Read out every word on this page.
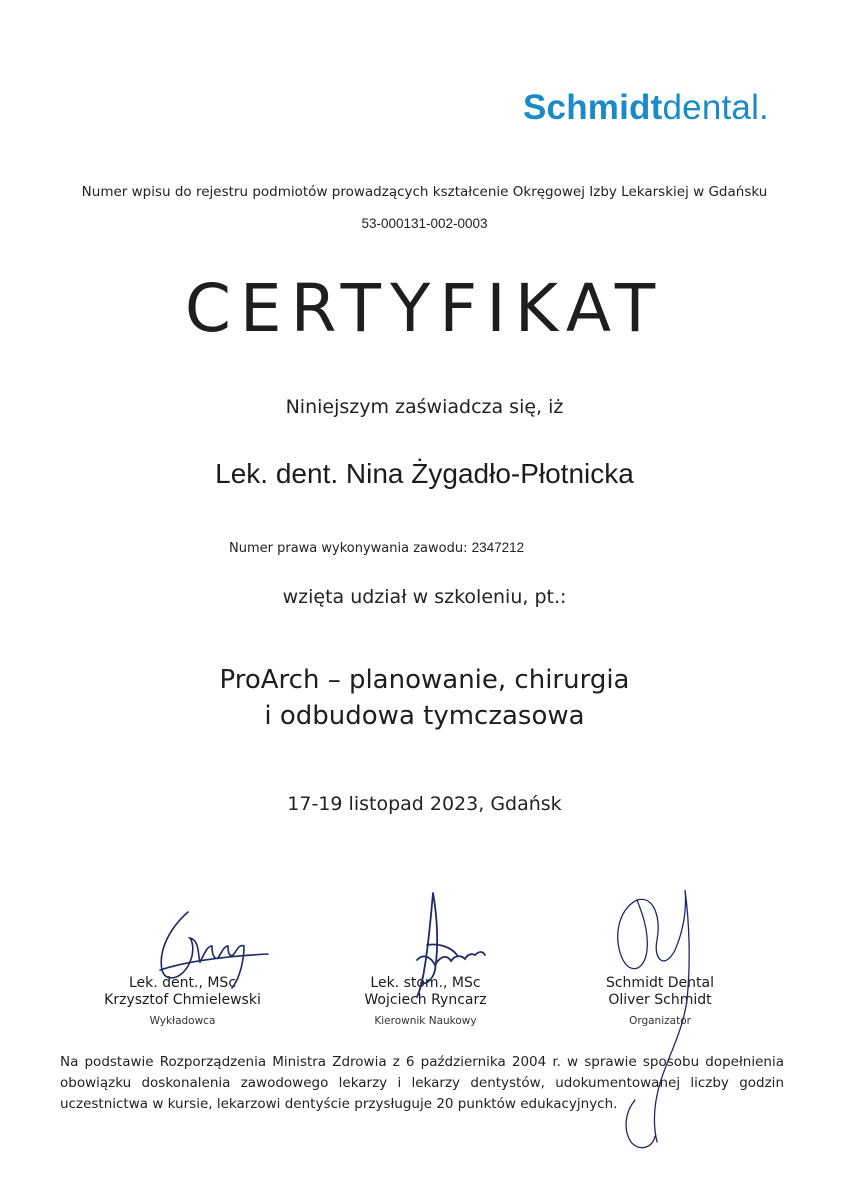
Schmidtdental.
Numer wpisu do rejestru podmiotów prowadzących kształcenie Okręgowej Izby Lekarskiej w Gdańsku
53-000131-002-0003
CERTYFIKAT
Niniejszym zaświadcza się, iż
Lek. dent. Nina Żygadło-Płotnicka
Numer prawa wykonywania zawodu: 2347212
wzięta udział w szkoleniu, pt.:
ProArch – planowanie, chirurgia
i odbudowa tymczasowa
17-19 listopad 2023, Gdańsk
Lek. dent., MSc
Krzysztof Chmielewski
Wykładowca
Lek. stom., MSc
Wojciech Ryncarz
Kierownik Naukowy
Schmidt Dental
Oliver Schmidt
Organizator
Na podstawie Rozporządzenia Ministra Zdrowia z 6 października 2004 r. w sprawie sposobu dopełnienia obowiązku doskonalenia zawodowego lekarzy i lekarzy dentystów, udokumentowanej liczby godzin uczestnictwa w kursie, lekarzowi dentyście przysługuje 20 punktów edukacyjnych.
